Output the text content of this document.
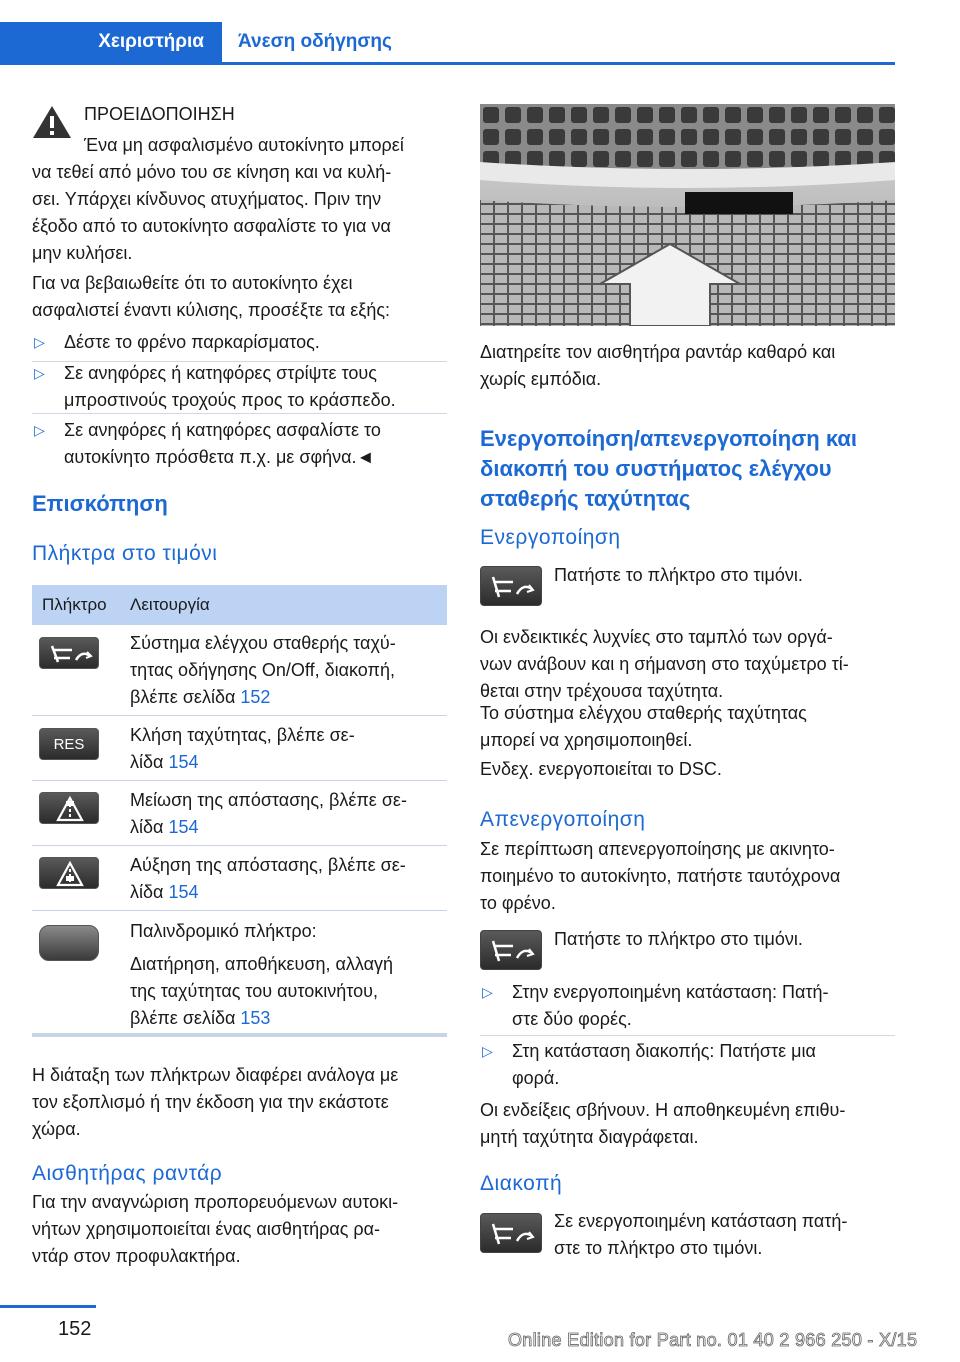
Χειριστήρια	Άνεση οδήγησης
ΠΡΟΕΙΔΟΠΟΙΗΣΗ

Ένα μη ασφαλισμένο αυτοκίνητο μπορεί

να τεθεί από μόνο του σε κίνηση και να κυλή-

σει. Υπάρχει κίνδυνος ατυχήματος. Πριν την

έξοδο από το αυτοκίνητο ασφαλίστε το για να

μην κυλήσει.

Για να βεβαιωθείτε ότι το αυτοκίνητο έχει

ασφαλιστεί έναντι κύλισης, προσέξτε τα εξής:

▷ Δέστε το φρένο παρκαρίσματος.

▷ Σε ανηφόρες ή κατηφόρες στρίψτε τους

μπροστινούς τροχούς προς το κράσπεδο.

▷ Σε ανηφόρες ή κατηφόρες ασφαλίστε το

αυτοκίνητο πρόσθετα π.χ. με σφήνα.◄

Επισκόπηση
Πλήκτρα στο τιμόνι
Πλήκτρο Λειτουργία

Σύστημα ελέγχου σταθερής ταχύ-

τητας οδήγησης On/Off, διακοπή,

βλέπε σελίδα 152

RES	Κλήση ταχύτητας, βλέπε σε-

λίδα 154

Μείωση της απόστασης, βλέπε σε-

λίδα 154

Αύξηση της απόστασης, βλέπε σε-

λίδα 154

Παλινδρομικό πλήκτρο:

Διατήρηση, αποθήκευση, αλλαγή

της ταχύτητας του αυτοκινήτου,

βλέπε σελίδα 153

Η διάταξη των πλήκτρων διαφέρει ανάλογα με

τον εξοπλισμό ή την έκδοση για την εκάστοτε

χώρα.

Αισθητήρας ραντάρ

Για την αναγνώριση προπορευόμενων αυτοκι-

νήτων χρησιμοποιείται ένας αισθητήρας ρα-

ντάρ στον προφυλακτήρα.

Διατηρείτε τον αισθητήρα ραντάρ καθαρό και

χωρίς εμπόδια.

Ενεργοποίηση/απενεργοποίηση και

διακοπή του συστήματος ελέγχου

σταθερής ταχύτητας

Ενεργοποίηση
Πατήστε το πλήκτρο στο τιμόνι.

Οι ενδεικτικές λυχνίες στο ταμπλό των οργά-

νων ανάβουν και η σήμανση στο ταχύμετρο τί-

θεται στην τρέχουσα ταχύτητα.

Το σύστημα ελέγχου σταθερής ταχύτητας

μπορεί να χρησιμοποιηθεί.

Ενδεχ. ενεργοποιείται το DSC.
Απενεργοποίηση

Σε περίπτωση απενεργοποίησης με ακινητο-

ποιημένο το αυτοκίνητο, πατήστε ταυτόχρονα

το φρένο.

Πατήστε το πλήκτρο στο τιμόνι.
▷ Στην ενεργοποιημένη κατάσταση: Πατή-

στε δύο φορές.

▷ Στη κατάσταση διακοπής: Πατήστε μια

φορά.

Οι ενδείξεις σβήνουν. Η αποθηκευμένη επιθυ-

μητή ταχύτητα διαγράφεται.

Διακοπή

Σε ενεργοποιημένη κατάσταση πατή-

στε το πλήκτρο στο τιμόνι.

152	Online Edition for Part no. 01 40 2 966 250 - X/15
